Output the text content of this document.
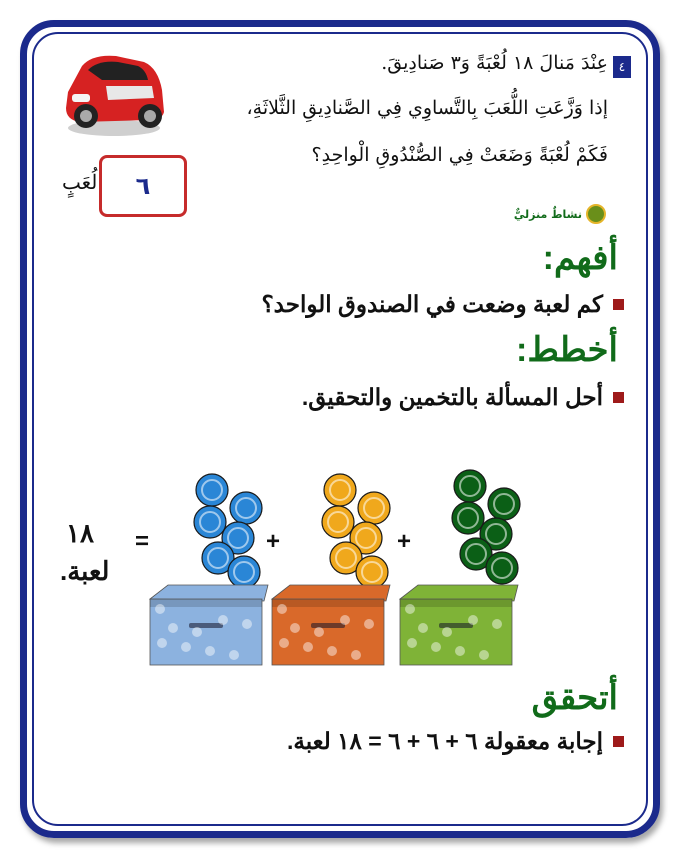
٤
عِنْدَ مَنالَ ١٨ لُعْبَةً وَ٣ صَنادِيقَ.
إذا وَزَّعَتِ اللُّعَبَ بِالتَّساوِي فِي الصَّنادِيقِ الثَّلاثَةِ،
فَكَمْ لُعْبَةً وَضَعَتْ فِي الصُّنْدُوقِ الْواحِدِ؟
٦
لُعَبٍ
نشاطٌ منزليٌّ
أفهم:
كم لعبة وضعت في الصندوق الواحد؟
أخطط:
أحل المسألة بالتخمين والتحقيق.
+
+
=
١٨
لعبة.
أتحقق
إجابة معقولة ٦ + ٦ + ٦ = ١٨ لعبة.
